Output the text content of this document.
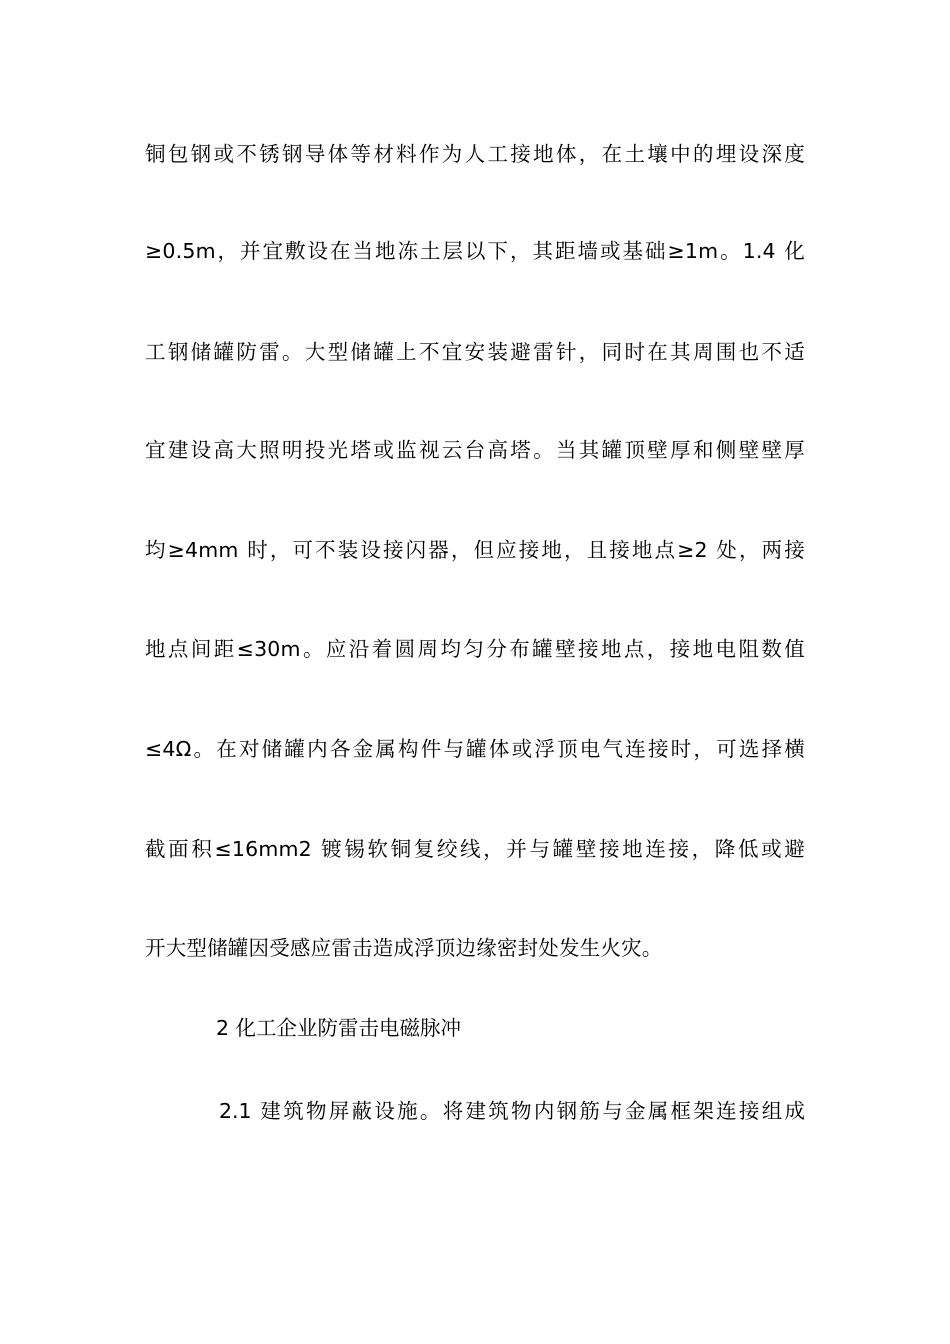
铜包钢或不锈钢导体等材料作为人工接地体，在土壤中的埋设深度
≥0.5m，并宜敷设在当地冻土层以下，其距墙或基础≥1m。1.4 化
工钢储罐防雷。大型储罐上不宜安装避雷针，同时在其周围也不适
宜建设高大照明投光塔或监视云台高塔。当其罐顶壁厚和侧壁壁厚
均≥4mm 时，可不装设接闪器，但应接地，且接地点≥2 处，两接
地点间距≤30m。应沿着圆周均匀分布罐壁接地点，接地电阻数值
≤4Ω。在对储罐内各金属构件与罐体或浮顶电气连接时，可选择横
截面积≤16mm2 镀锡软铜复绞线，并与罐壁接地连接，降低或避
开大型储罐因受感应雷击造成浮顶边缘密封处发生火灾。
2 化工企业防雷击电磁脉冲
2.1 建筑物屏蔽设施。将建筑物内钢筋与金属框架连接组成
